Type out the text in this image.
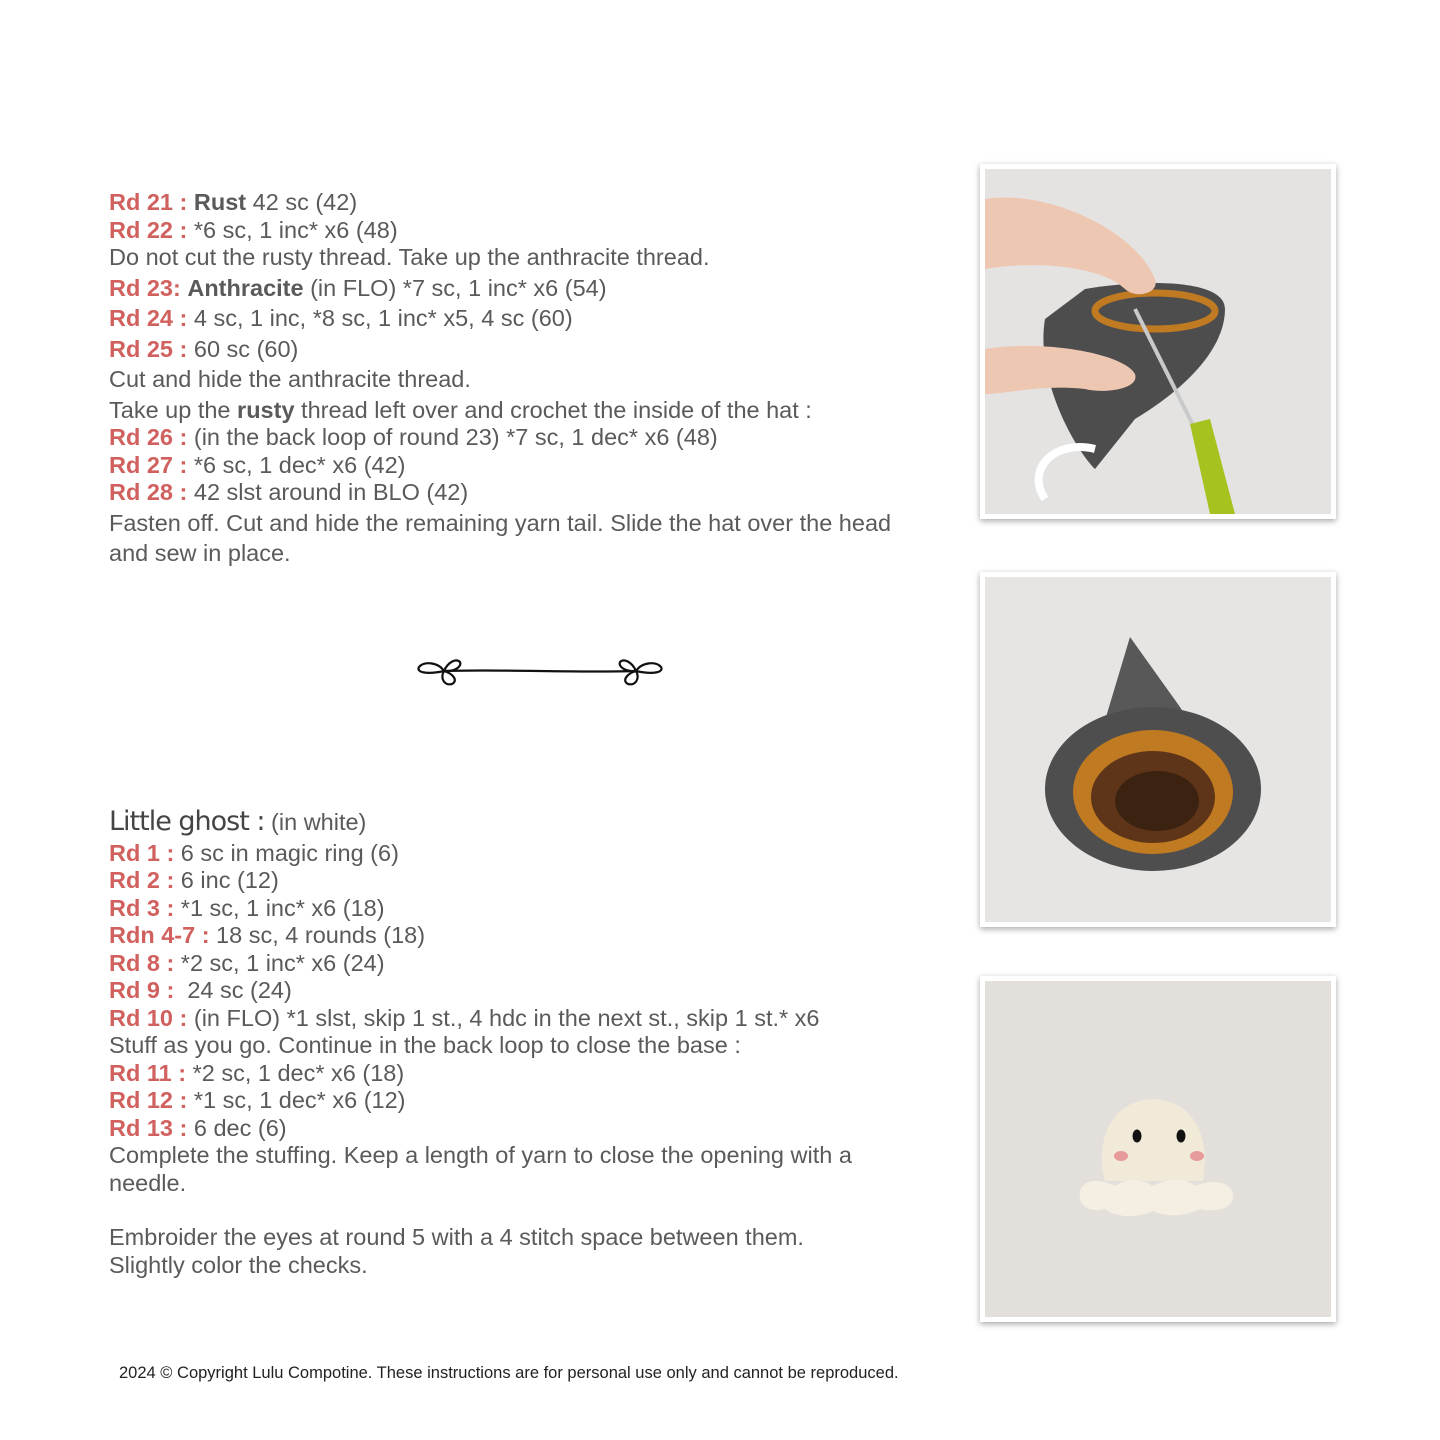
Rd 21 : Rust 42 sc (42)
Rd 22 : *6 sc, 1 inc* x6 (48)
Do not cut the rusty thread. Take up the anthracite thread.
Rd 23: Anthracite (in FLO) *7 sc, 1 inc* x6 (54)
Rd 24 : 4 sc, 1 inc, *8 sc, 1 inc* x5, 4 sc (60)
Rd 25 : 60 sc (60)
Cut and hide the anthracite thread.
Take up the rusty thread left over and crochet the inside of the hat :
Rd 26 : (in the back loop of round 23) *7 sc, 1 dec* x6 (48)
Rd 27 : *6 sc, 1 dec* x6 (42)
Rd 28 : 42 slst around in BLO (42)
Fasten off. Cut and hide the remaining yarn tail. Slide the hat over the head
and sew in place.
Little ghost : (in white)
Rd 1 : 6 sc in magic ring (6)
Rd 2 : 6 inc (12)
Rd 3 : *1 sc, 1 inc* x6 (18)
Rdn 4-7 : 18 sc, 4 rounds (18)
Rd 8 : *2 sc, 1 inc* x6 (24)
Rd 9 :  24 sc (24)
Rd 10 : (in FLO) *1 slst, skip 1 st., 4 hdc in the next st., skip 1 st.* x6
Stuff as you go. Continue in the back loop to close the base :
Rd 11 : *2 sc, 1 dec* x6 (18)
Rd 12 : *1 sc, 1 dec* x6 (12)
Rd 13 : 6 dec (6)
Complete the stuffing. Keep a length of yarn to close the opening with a
needle.
Embroider the eyes at round 5 with a 4 stitch space between them.
Slightly color the checks.
2024 © Copyright Lulu Compotine. These instructions are for personal use only and cannot be reproduced.
